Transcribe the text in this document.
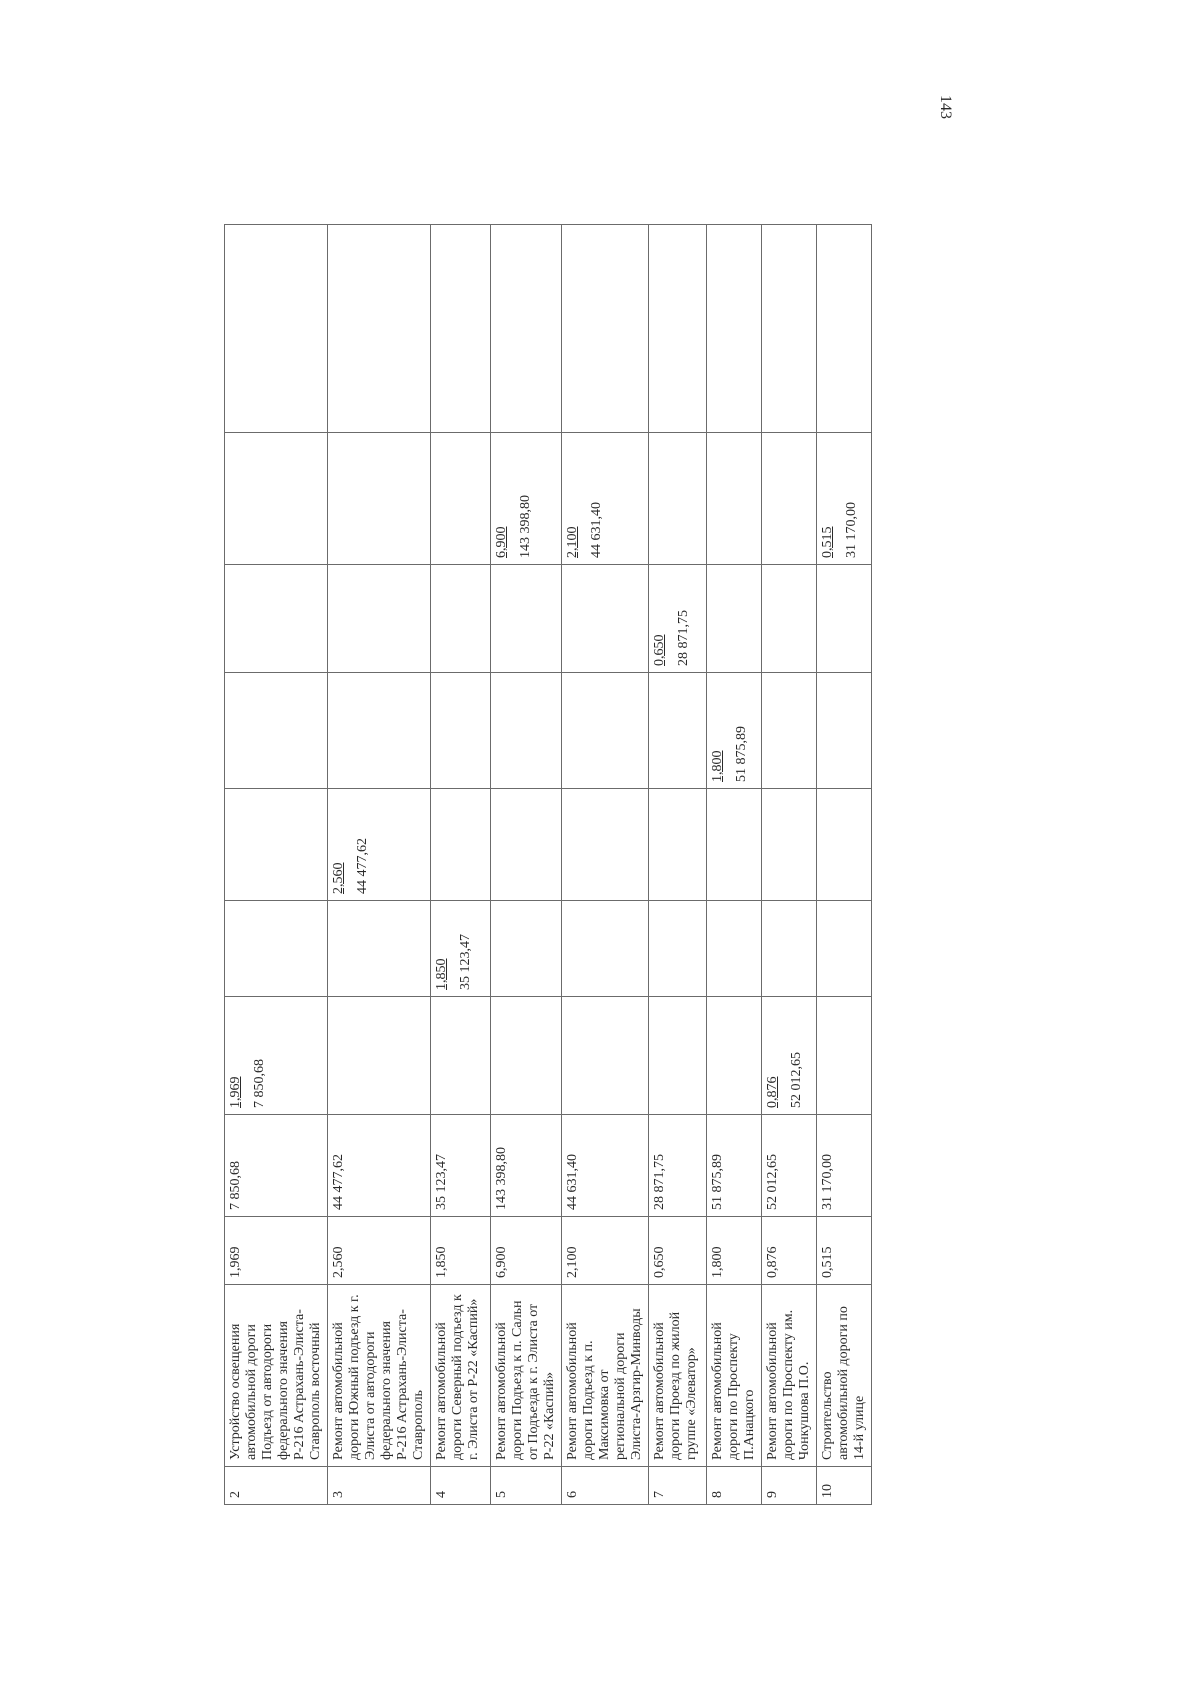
143
2	Устройство освещения автомобильной дороги Подъезд от автодороги федерального значения Р-216 Астрахань-Элиста-Ставрополь восточный	1,969	7 850,68	1,969 7 850,68						

3	Ремонт автомобильной дороги Южный подъезд к г. Элиста от автодороги федерального значения Р-216 Астрахань-Элиста-Ставрополь	2,560	44 477,62			2,560 44 477,62				

4	Ремонт автомобильной дороги Северный подъезд к г. Элиста от Р-22 «Каспий»	1,850	35 123,47		1,850 35 123,47					

5	Ремонт автомобильной дороги Подъезд к п. Сальн от Подъезда к г. Элиста от Р-22 «Каспий»	6,900	143 398,80						6,900 143 398,80	

6	Ремонт автомобильной дороги Подъезд к п. Максимовка от региональной дороги Элиста-Арзгир-Минводы	2,100	44 631,40						2,100 44 631,40	

7	Ремонт автомобильной дороги Проезд по жилой группе «Элеватор»	0,650	28 871,75					0,650 28 871,75		

8	Ремонт автомобильной дороги по Проспекту П.Анацкого	1,800	51 875,89				1,800 51 875,89			

9	Ремонт автомобильной дороги по Проспекту им. Чонкушова П.О.	0,876	52 012,65	0,876 52 012,65						

10	Строительство автомобильной дороги по 14-й улице	0,515	31 170,00						0,515 31 170,00	
